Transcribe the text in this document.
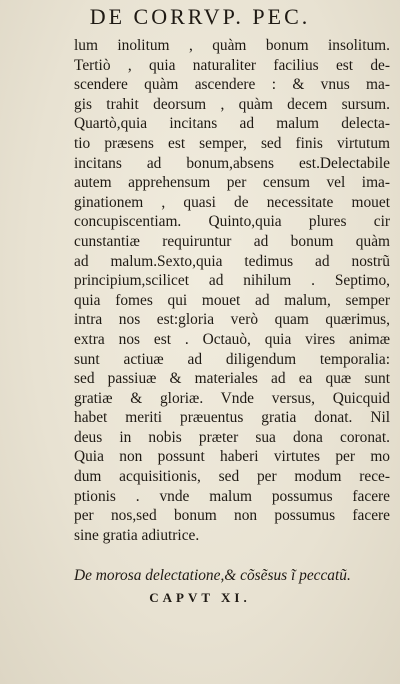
DE CORRVP. PEC.
lum inolitum , quàm bonum insolitum.
Tertiò , quia naturaliter facilius est de-
scendere quàm ascendere : & vnus ma-
gis trahit deorsum , quàm decem sursum.
Quartò,quia incitans ad malum delecta-
tio præsens est semper, sed finis virtutum
incitans ad bonum,absens est.Delectabile
autem apprehensum per censum vel ima-
ginationem , quasi de necessitate mouet
concupiscentiam. Quinto,quia plures cir
cunstantiæ requiruntur ad bonum quàm
ad malum.Sexto,quia tedimus ad nostrũ
principium,scilicet ad nihilum . Septimo,
quia fomes qui mouet ad malum, semper
intra nos est:gloria verò quam quærimus,
extra nos est . Octauò, quia vires animæ
sunt actiuæ ad diligendum temporalia:
sed passiuæ & materiales ad ea quæ sunt
gratiæ & gloriæ. Vnde versus, Quicquid
habet meriti præuentus gratia donat. Nil
deus in nobis præter sua dona coronat.
Quia non possunt haberi virtutes per mo
dum acquisitionis, sed per modum rece-
ptionis . vnde malum possumus facere
per nos,sed bonum non possumus facere
sine gratia adiutrice.
De morosa delectatione,& cõsẽsus ĩ peccatũ.
CAPVT XI.
